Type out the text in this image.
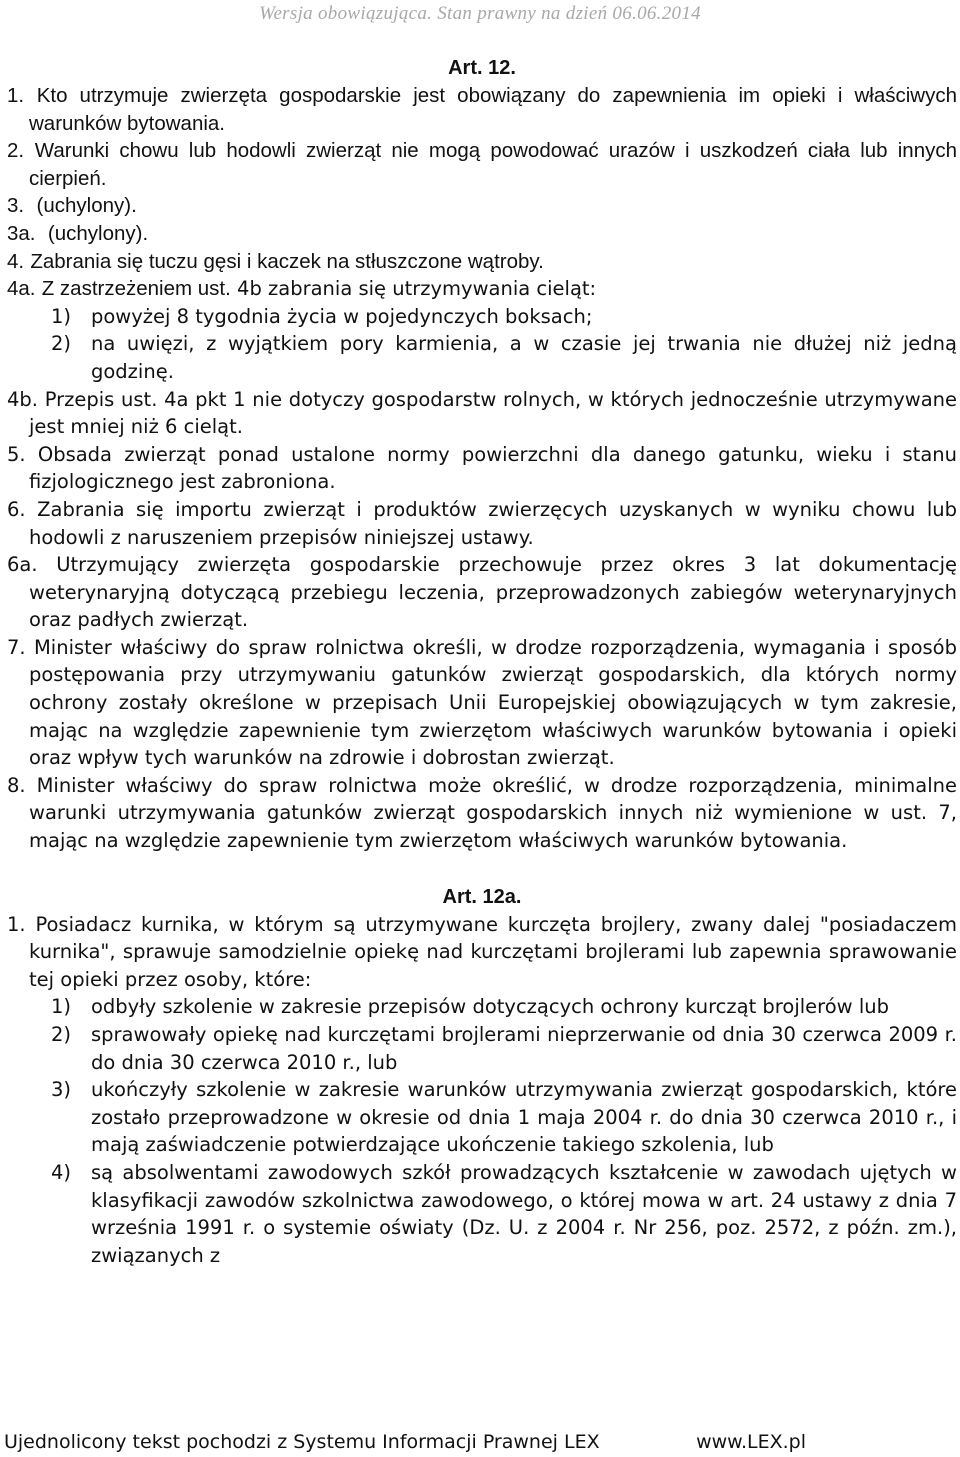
Wersja obowiązująca. Stan prawny na dzień 06.06.2014
Art. 12.

1. Kto utrzymuje zwierzęta gospodarskie jest obowiązany do zapewnienia im opieki i właściwych warunków bytowania.

2. Warunki chowu lub hodowli zwierząt nie mogą powodować urazów i uszkodzeń ciała lub innych cierpień.

3. (uchylony).

3a. (uchylony).

4. Zabrania się tuczu gęsi i kaczek na stłuszczone wątroby.

4a. Z zastrzeżeniem ust. 4b zabrania się utrzymywania cieląt:

1) powyżej 8 tygodnia życia w pojedynczych boksach;

2) na uwięzi, z wyjątkiem pory karmienia, a w czasie jej trwania nie dłużej niż jedną godzinę.

4b. Przepis ust. 4a pkt 1 nie dotyczy gospodarstw rolnych, w których jednocześnie utrzymywane jest mniej niż 6 cieląt.

5. Obsada zwierząt ponad ustalone normy powierzchni dla danego gatunku, wieku i stanu fizjologicznego jest zabroniona.

6. Zabrania się importu zwierząt i produktów zwierzęcych uzyskanych w wyniku chowu lub hodowli z naruszeniem przepisów niniejszej ustawy.

6a. Utrzymujący zwierzęta gospodarskie przechowuje przez okres 3 lat dokumentację weterynaryjną dotyczącą przebiegu leczenia, przeprowadzonych zabiegów weterynaryjnych oraz padłych zwierząt.

7. Minister właściwy do spraw rolnictwa określi, w drodze rozporządzenia, wymagania i sposób postępowania przy utrzymywaniu gatunków zwierząt gospodarskich, dla których normy ochrony zostały określone w przepisach Unii Europejskiej obowiązujących w tym zakresie, mając na względzie zapewnienie tym zwierzętom właściwych warunków bytowania i opieki oraz wpływ tych warunków na zdrowie i dobrostan zwierząt.

8. Minister właściwy do spraw rolnictwa może określić, w drodze rozporządzenia, minimalne warunki utrzymywania gatunków zwierząt gospodarskich innych niż wymienione w ust. 7, mając na względzie zapewnienie tym zwierzętom właściwych warunków bytowania.

Art. 12a.

1. Posiadacz kurnika, w którym są utrzymywane kurczęta brojlery, zwany dalej "posiadaczem kurnika", sprawuje samodzielnie opiekę nad kurczętami brojlerami lub zapewnia sprawowanie tej opieki przez osoby, które:

1) odbyły szkolenie w zakresie przepisów dotyczących ochrony kurcząt brojlerów lub

2) sprawowały opiekę nad kurczętami brojlerami nieprzerwanie od dnia 30 czerwca 2009 r. do dnia 30 czerwca 2010 r., lub

3) ukończyły szkolenie w zakresie warunków utrzymywania zwierząt gospodarskich, które zostało przeprowadzone w okresie od dnia 1 maja 2004 r. do dnia 30 czerwca 2010 r., i mają zaświadczenie potwierdzające ukończenie takiego szkolenia, lub

4) są absolwentami zawodowych szkół prowadzących kształcenie w zawodach ujętych w klasyfikacji zawodów szkolnictwa zawodowego, o której mowa w art. 24 ustawy z dnia 7 września 1991 r. o systemie oświaty (Dz. U. z 2004 r. Nr 256, poz. 2572, z późn. zm.), związanych z

Ujednolicony tekst pochodzi z Systemu Informacji Prawnej LEX	www.LEX.pl
